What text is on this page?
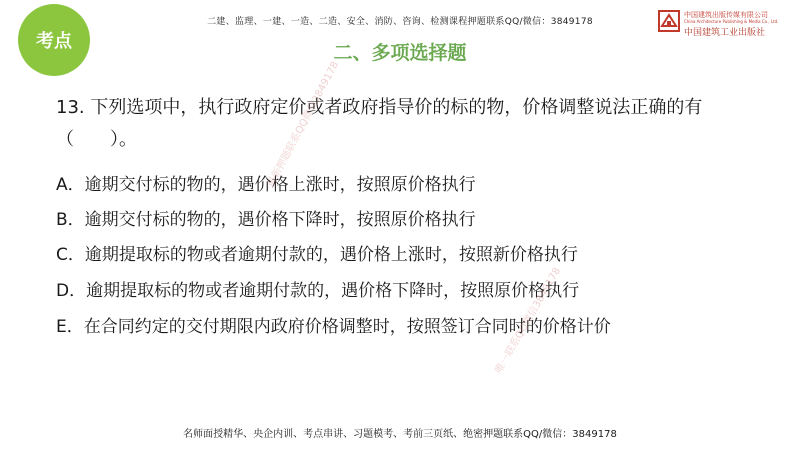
考点
二建、监理、一建、一造、二造、安全、消防、咨询、检测课程押题联系QQ/微信：3849178
二、多项选择题
中国建筑出版传媒有限公司
China Architecture Publishing & Media Co., Ltd.
中国建筑工业出版社
13. 下列选项中，执行政府定价或者政府指导价的标的物，价格调整说法正确的有（　　）。
A．逾期交付标的物的，遇价格上涨时，按照原价格执行
B．逾期交付标的物的，遇价格下降时，按照原价格执行
C．逾期提取标的物或者逾期付款的，遇价格上涨时，按照新价格执行
D．逾期提取标的物或者逾期付款的，遇价格下降时，按照原价格执行
E．在合同约定的交付期限内政府价格调整时，按照签订合同时的价格计价
最新押题联系QQ微信3849178
唯一联系QQ微信3849178
名师面授精华、央企内训、考点串讲、习题模考、考前三页纸、绝密押题联系QQ/微信：3849178
